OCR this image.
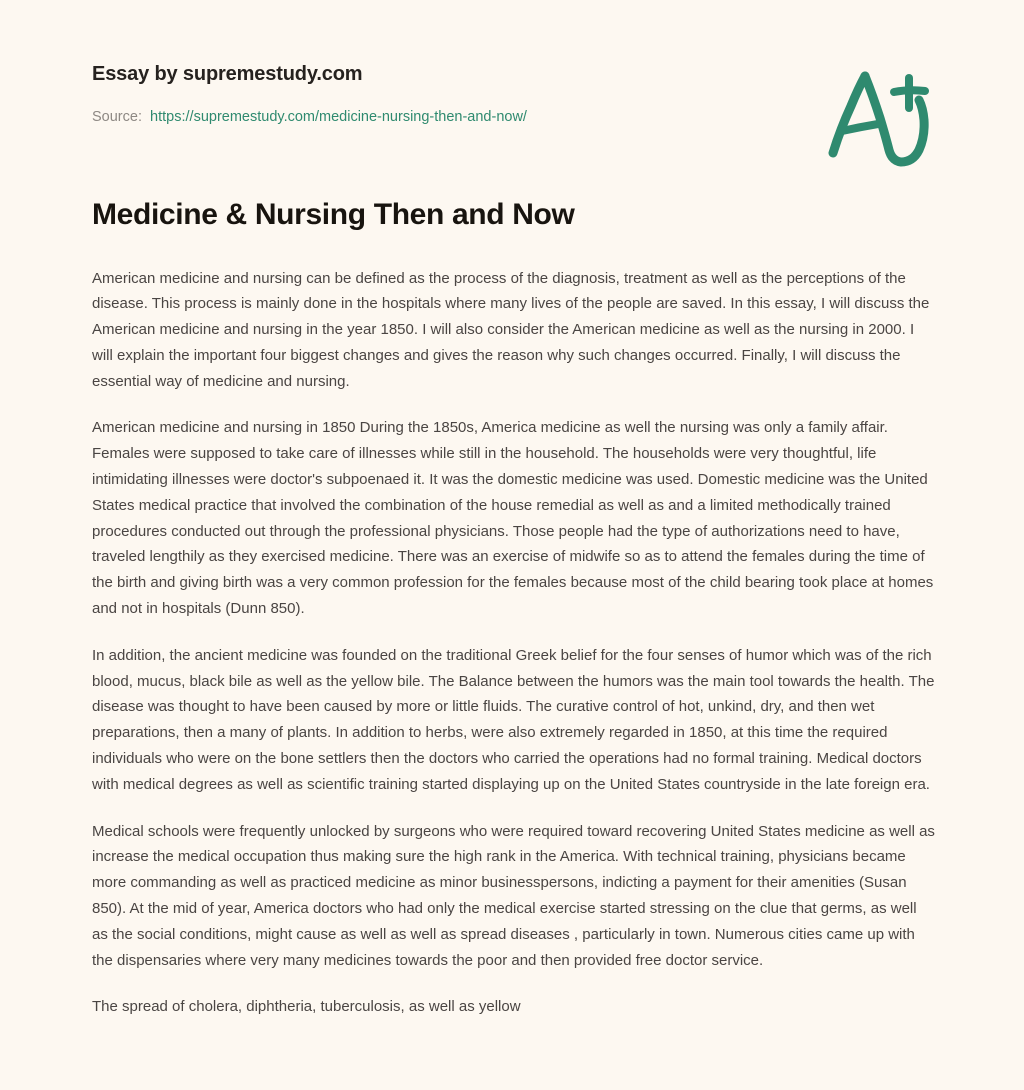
Essay by supremestudy.com
Source: https://supremestudy.com/medicine-nursing-then-and-now/
Medicine & Nursing Then and Now

American medicine and nursing can be defined as the process of the diagnosis, treatment as well as the perceptions of the disease. This process is mainly done in the hospitals where many lives of the people are saved. In this essay, I will discuss the American medicine and nursing in the year 1850. I will also consider the American medicine as well as the nursing in 2000. I will explain the important four biggest changes and gives the reason why such changes occurred. Finally, I will discuss the essential way of medicine and nursing.

American medicine and nursing in 1850 During the 1850s, America medicine as well the nursing was only a family affair. Females were supposed to take care of illnesses while still in the household. The households were very thoughtful, life intimidating illnesses were doctor's subpoenaed it. It was the domestic medicine was used. Domestic medicine was the United States medical practice that involved the combination of the house remedial as well as and a limited methodically trained procedures conducted out through the professional physicians. Those people had the type of authorizations need to have, traveled lengthily as they exercised medicine. There was an exercise of midwife so as to attend the females during the time of the birth and giving birth was a very common profession for the females because most of the child bearing took place at homes and not in hospitals (Dunn 850).

In addition, the ancient medicine was founded on the traditional Greek belief for the four senses of humor which was of the rich blood, mucus, black bile as well as the yellow bile. The Balance between the humors was the main tool towards the health. The disease was thought to have been caused by more or little fluids. The curative control of hot, unkind, dry, and then wet preparations, then a many of plants. In addition to herbs, were also extremely regarded in 1850, at this time the required individuals who were on the bone settlers then the doctors who carried the operations had no formal training. Medical doctors with medical degrees as well as scientific training started displaying up on the United States countryside in the late foreign era.

Medical schools were frequently unlocked by surgeons who were required toward recovering United States medicine as well as increase the medical occupation thus making sure the high rank in the America. With technical training, physicians became more commanding as well as practiced medicine as minor businesspersons, indicting a payment for their amenities (Susan 850). At the mid of year, America doctors who had only the medical exercise started stressing on the clue that germs, as well as the social conditions, might cause as well as well as spread diseases , particularly in town. Numerous cities came up with the dispensaries where very many medicines towards the poor and then provided free doctor service.

The spread of cholera, diphtheria, tuberculosis, as well as yellow
